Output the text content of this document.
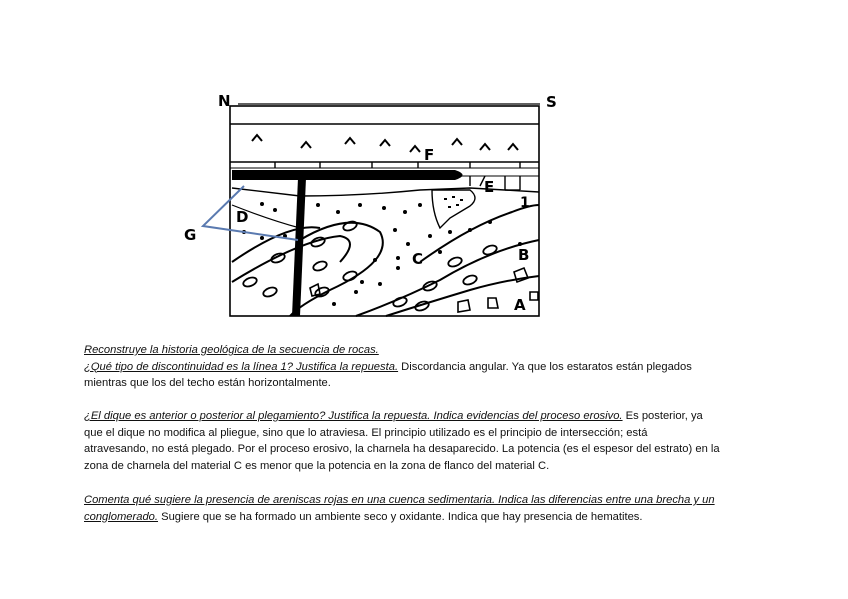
N	S
F
1
E
D
C	B
A
G
Reconstruye la historia geológica de la secuencia de rocas.
¿Qué tipo de discontinuidad es la línea 1? Justifica la repuesta. Discordancia angular. Ya que los estaratos están plegados
mientras que los del techo están horizontalmente.
¿El dique es anterior o posterior al plegamiento? Justifica la repuesta. Indica evidencias del proceso erosivo. Es posterior, ya
que el dique no modifica al pliegue, sino que lo atraviesa. El principio utilizado es el principio de intersección; está
atravesando, no está plegado. Por el proceso erosivo, la charnela ha desaparecido. La potencia (es el espesor del estrato) en la
zona de charnela del material C es menor que la potencia en la zona de flanco del material C.
Comenta qué sugiere la presencia de areniscas rojas en una cuenca sedimentaria. Indica las diferencias entre una brecha y un
conglomerado. Sugiere que se ha formado un ambiente seco y oxidante. Indica que hay presencia de hematites.
